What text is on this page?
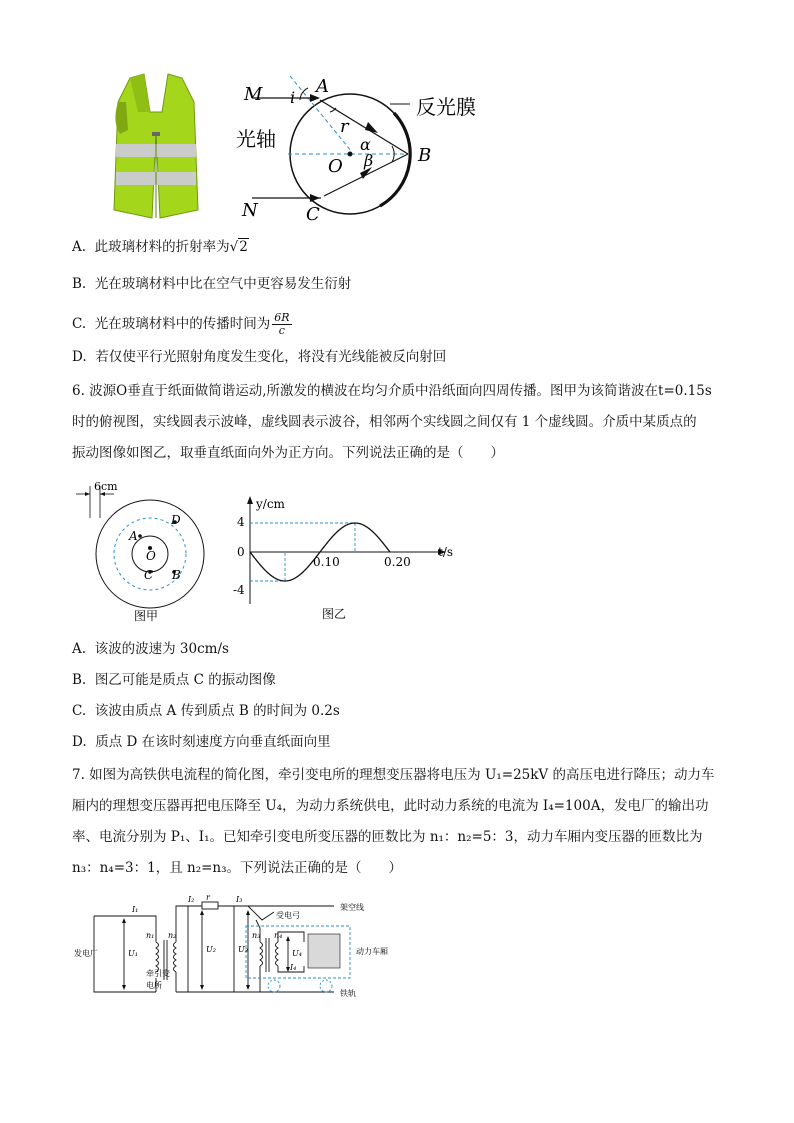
M i
A
r
反光膜
光轴	α
O β B
N	C
A. 此玻璃材料的折射率为√2
B. 光在玻璃材料中比在空气中更容易发生衍射
C. 光在玻璃材料中的传播时间为 $\frac{6R}{c}$
D. 若仅使平行光照射角度发生变化，将没有光线能被反向射回
6. 波源O垂直于纸面做简谐运动,所激发的横波在均匀介质中沿纸面向四周传播。图甲为该简谐波在t=0.15s
时的俯视图，实线圆表示波峰，虚线圆表示波谷，相邻两个实线圆之间仅有 1 个虚线圆。介质中某质点的
振动图像如图乙，取垂直纸面向外为正方向。下列说法正确的是（　　）
6cm
A
O
D
C B
图甲
y/cm
4
0
-4
0.10	0.20
t/s
图乙
A. 该波的波速为 30cm/s
B. 图乙可能是质点 C 的振动图像
C. 该波由质点 A 传到质点 B 的时间为 0.2s
D. 质点 D 在该时刻速度方向垂直纸面向里
7. 如图为高铁供电流程的简化图，牵引变电所的理想变压器将电压为 U₁=25kV 的高压电进行降压；动力车
厢内的理想变压器再把电压降至 U₄，为动力系统供电，此时动力系统的电流为 I₄=100A，发电厂的输出功
率、电流分别为 P₁、I₁。已知牵引变电所变压器的匝数比为 n₁：n₂=5：3，动力车厢内变压器的匝数比为
n₃：n₄=3：1，且 n₂=n₃。下列说法正确的是（　　）
发电厂	U₁
I₁
n₁ n₂
牵引变
电所
I₂ r	I₃
U₂	U₃
架空线
受电弓
n₃ n₄
U₄
I₄
动力车厢
铁轨
